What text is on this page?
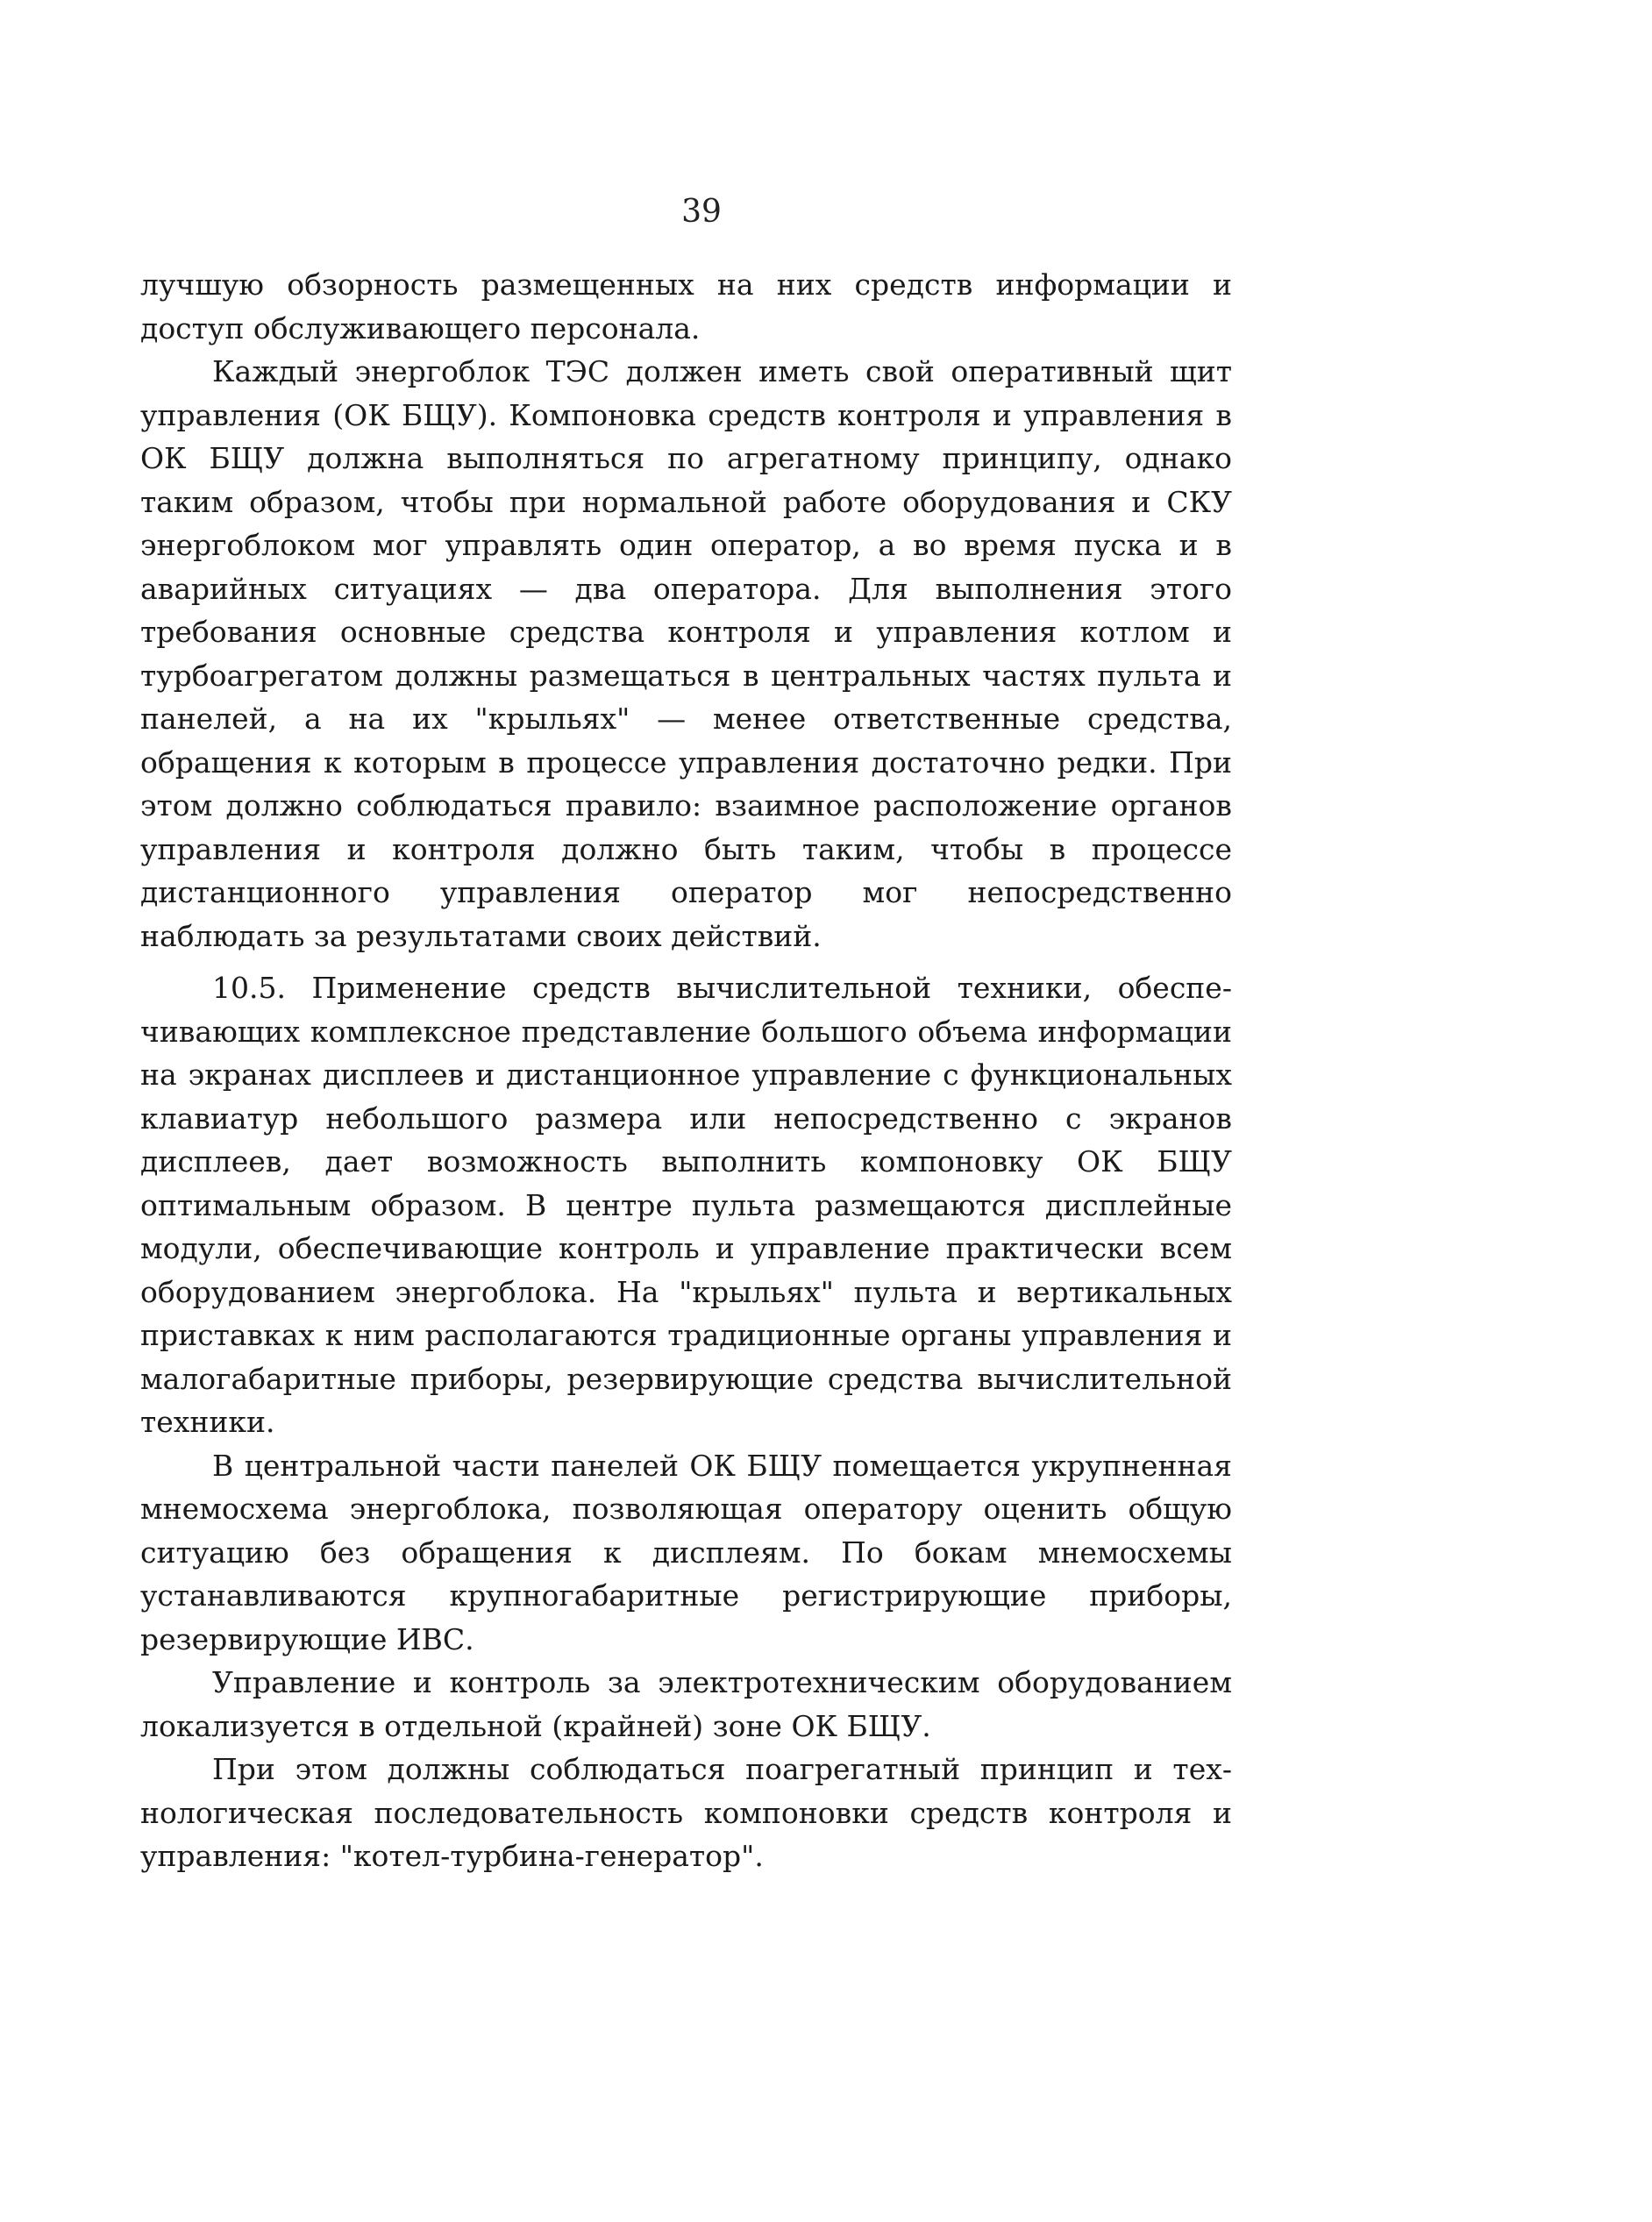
39

лучшую обзорность размещенных на них средств информации и доступ обслуживающего персонала.

Каждый энергоблок ТЭС должен иметь свой оперативный щит управления (ОК БЩУ). Компоновка средств контроля и управления в ОК БЩУ должна выполняться по агрегатному принципу, однако таким образом, чтобы при нормальной работе оборудования и СКУ энергоблоком мог управлять один оператор, а во время пуска и в аварийных ситуациях — два оператора. Для выполнения этого требования основные средства контроля и управления котлом и турбоагрегатом должны размещаться в центральных частях пульта и панелей, а на их "крыльях" — менее ответственные средства, обращения к которым в процессе управления достаточно редки. При этом должно соблюдаться правило: взаимное расположение органов управления и контроля должно быть таким, чтобы в процессе дистанционного управления оператор мог непосредственно наблюдать за результатами своих действий.

10.5. Применение средств вычислительной техники, обеспечивающих комплексное представление большого объема информации на экранах дисплеев и дистанционное управление с функциональных клавиатур небольшого размера или непосредственно с экранов дисплеев, дает возможность выполнить компоновку ОК БЩУ оптимальным образом. В центре пульта размещаются дисплейные модули, обеспечивающие контроль и управление практически всем оборудованием энергоблока. На "крыльях" пульта и вертикальных приставках к ним располагаются традиционные органы управления и малогабаритные приборы, резервирующие средства вычислительной техники.

В центральной части панелей ОК БЩУ помещается укрупненная мнемосхема энергоблока, позволяющая оператору оценить общую ситуацию без обращения к дисплеям. По бокам мнемосхемы устанавливаются крупногабаритные регистрирующие приборы, резервирующие ИВС.

Управление и контроль за электротехническим оборудованием локализуется в отдельной (крайней) зоне ОК БЩУ.

При этом должны соблюдаться поагрегатный принцип и технологическая последовательность компоновки средств контроля и управления: "котел-турбина-генератор".
